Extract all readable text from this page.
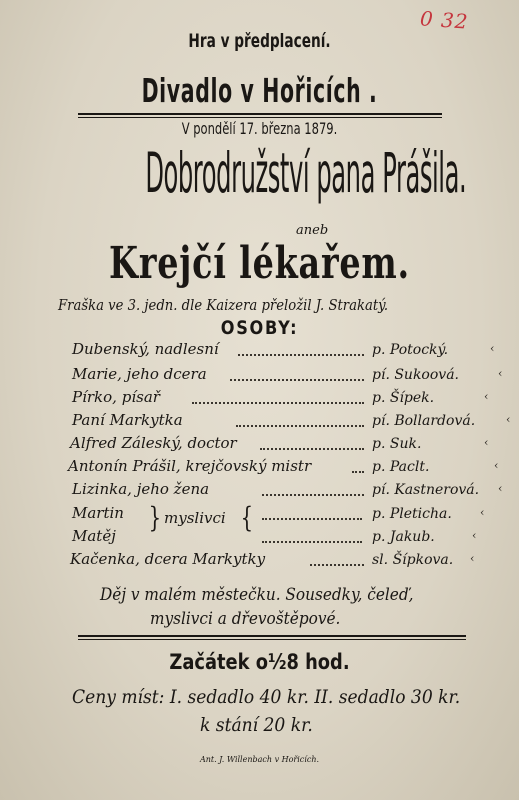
0 32
Hra v předplacení.
Divadlo v Hořicích .
V pondělí 17. března 1879.
Dobrodružství pana Prášila.
aneb
Krejčí lékařem.
Fraška ve 3. jedn. dle Kaizera přeložil J. Strakatý.
OSOBY:
Dubenský, nadlesní	p. Potocký.	‹
Marie, jeho dcera	pí. Sukoová.	‹
Pírko, písař	p. Šípek.	‹
Paní Markytka	pí. Bollardová.	‹
Alfred Záleský, doctor	p. Suk.	‹
Antonín Prášil, krejčovský mistr	p. Paclt.	‹
Lizinka, jeho žena	pí. Kastnerová. ‹
Martin	p. Pleticha.	‹
Matěj	p. Jakub.	‹
Kačenka, dcera Markytky	sl. Šípkova. ‹
} myslivci {
Děj v malém městečku. Sousedky, čeleď,
myslivci a dřevoštěpové.
Začátek o½8 hod.
Ceny míst: I. sedadlo 40 kr. II. sedadlo 30 kr.
k stání 20 kr.
Ant. J. Willenbach v Hořicích.
